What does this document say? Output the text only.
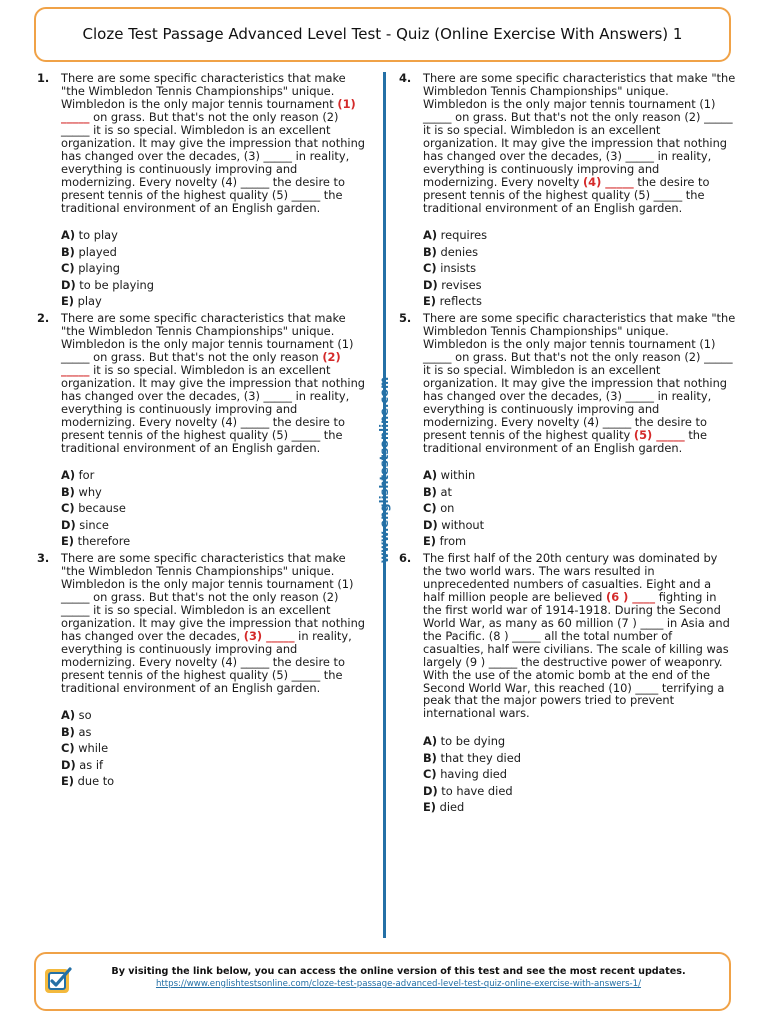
Cloze Test Passage Advanced Level Test - Quiz (Online Exercise With Answers) 1
www.englishtestsonline.com
1. There are some specific characteristics that make "the Wimbledon Tennis Championships" unique. Wimbledon is the only major tennis tournament (1) _____ on grass. But that's not the only reason (2) _____ it is so special. Wimbledon is an excellent organization. It may give the impression that nothing has changed over the decades, (3) _____ in reality, everything is continuously improving and modernizing. Every novelty (4) _____ the desire to present tennis of the highest quality (5) _____ the traditional environment of an English garden.

A) to play
B) played
C) playing
D) to be playing
E) play
2. There are some specific characteristics that make "the Wimbledon Tennis Championships" unique. Wimbledon is the only major tennis tournament (1) _____ on grass. But that's not the only reason (2) _____ it is so special. Wimbledon is an excellent organization. It may give the impression that nothing has changed over the decades, (3) _____ in reality, everything is continuously improving and modernizing. Every novelty (4) _____ the desire to present tennis of the highest quality (5) _____ the traditional environment of an English garden.

A) for
B) why
C) because
D) since
E) therefore
3. There are some specific characteristics that make "the Wimbledon Tennis Championships" unique. Wimbledon is the only major tennis tournament (1) _____ on grass. But that's not the only reason (2) _____ it is so special. Wimbledon is an excellent organization. It may give the impression that nothing has changed over the decades, (3) _____ in reality, everything is continuously improving and modernizing. Every novelty (4) _____ the desire to present tennis of the highest quality (5) _____ the traditional environment of an English garden.

A) so
B) as
C) while
D) as if
E) due to
4. There are some specific characteristics that make "the Wimbledon Tennis Championships" unique. Wimbledon is the only major tennis tournament (1) _____ on grass. But that's not the only reason (2) _____ it is so special. Wimbledon is an excellent organization. It may give the impression that nothing has changed over the decades, (3) _____ in reality, everything is continuously improving and modernizing. Every novelty (4) _____ the desire to present tennis of the highest quality (5) _____ the traditional environment of an English garden.

A) requires
B) denies
C) insists
D) revises
E) reflects
5. There are some specific characteristics that make "the Wimbledon Tennis Championships" unique. Wimbledon is the only major tennis tournament (1) _____ on grass. But that's not the only reason (2) _____ it is so special. Wimbledon is an excellent organization. It may give the impression that nothing has changed over the decades, (3) _____ in reality, everything is continuously improving and modernizing. Every novelty (4) _____ the desire to present tennis of the highest quality (5) _____ the traditional environment of an English garden.

A) within
B) at
C) on
D) without
E) from
6. The first half of the 20th century was dominated by the two world wars. The wars resulted in unprecedented numbers of casualties. Eight and a half million people are believed (6 ) ____ fighting in the first world war of 1914-1918. During the Second World War, as many as 60 million (7 ) ____ in Asia and the Pacific. (8 ) _____ all the total number of casualties, half were civilians. The scale of killing was largely (9 ) _____ the destructive power of weaponry. With the use of the atomic bomb at the end of the Second World War, this reached (10) ____ terrifying a peak that the major powers tried to prevent international wars.

A) to be dying
B) that they died
C) having died
D) to have died
E) died
By visiting the link below, you can access the online version of this test and see the most recent updates.
https://www.englishtestsonline.com/cloze-test-passage-advanced-level-test-quiz-online-exercise-with-answers-1/
